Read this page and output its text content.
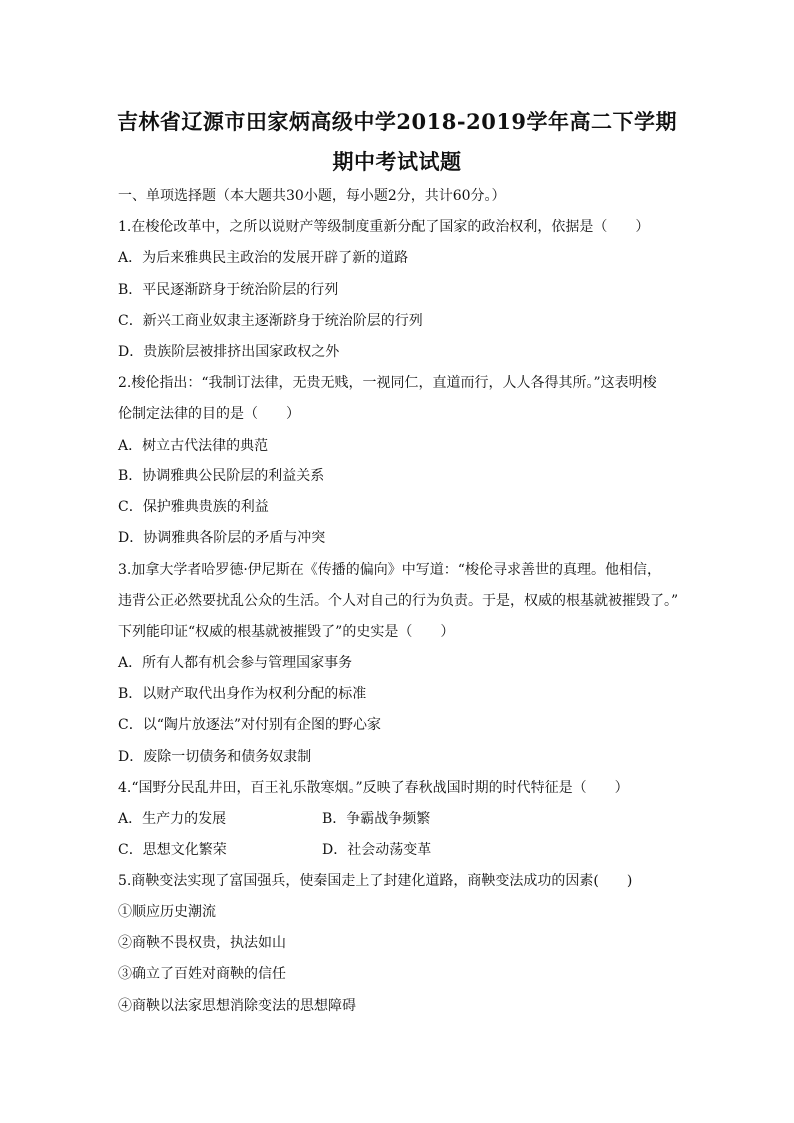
吉林省辽源市田家炳高级中学2018-2019学年高二下学期
期中考试试题
一、单项选择题（本大题共30小题，每小题2分，共计60分。）
1.在梭伦改革中，之所以说财产等级制度重新分配了国家的政治权利，依据是（　　）
A．为后来雅典民主政治的发展开辟了新的道路
B．平民逐渐跻身于统治阶层的行列
C．新兴工商业奴隶主逐渐跻身于统治阶层的行列
D．贵族阶层被排挤出国家政权之外
2.梭伦指出：“我制订法律，无贵无贱，一视同仁，直道而行，人人各得其所。”这表明梭
伦制定法律的目的是（　　）
A．树立古代法律的典范
B．协调雅典公民阶层的利益关系
C．保护雅典贵族的利益
D．协调雅典各阶层的矛盾与冲突
3.加拿大学者哈罗德·伊尼斯在《传播的偏向》中写道：“梭伦寻求善世的真理。他相信，
违背公正必然要扰乱公众的生活。个人对自己的行为负责。于是，权威的根基就被摧毁了。”
下列能印证“权威的根基就被摧毁了”的史实是（　　）
A．所有人都有机会参与管理国家事务
B．以财产取代出身作为权利分配的标准
C．以“陶片放逐法”对付别有企图的野心家
D．废除一切债务和债务奴隶制
4.“国野分民乱井田，百王礼乐散寒烟。”反映了春秋战国时期的时代特征是（　　）
A．生产力的发展	B．争霸战争频繁
C．思想文化繁荣	D．社会动荡变革
5.商鞅变法实现了富国强兵，使秦国走上了封建化道路，商鞅变法成功的因素(　　)
①顺应历史潮流
②商鞅不畏权贵，执法如山
③确立了百姓对商鞅的信任
④商鞅以法家思想消除变法的思想障碍
